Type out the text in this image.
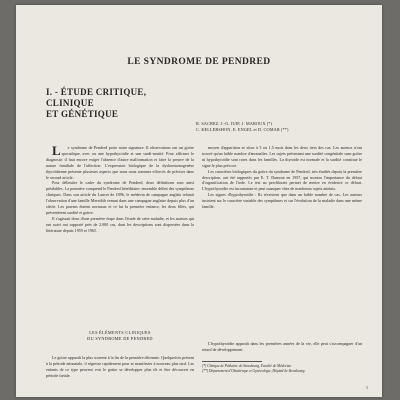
LE SYNDROME DE PENDRED
I. - ÉTUDE CRITIQUE, CLINIQUE
ET GÉNÉTIQUE
R. SACREZ, J.-G. JUIF, J. MAROUX (*)
C. KELLERSHON, E. ENGEL et D. COMAR (**)

L e syndrome de Pendred porte notre signature. Il observations ont un goitre sporadique, avec ou une hypothyroïdie et une surdi-mutité. Pour affirmer le diagnostic il faut encore exiger l'absence d'autre malformation et faire la preuve de la nature familiale de l'affection. L'expression biologique de la dyshormonogenèse thyroïdienne présente plusieurs aspects que nous nous sommes efforcés de préciser dans le second article.

Pour délimiter le cadre du syndrome de Pendred, deux définitions sont ainsi préalables. La première comprend le Pendred héréditaire; ensemble défini des symptômes cliniques. Dans son article du Lancet de 1896, le médecin de campagne anglais relatait l'observation d'une famille Meredith venant dans une campagne anglaise depuis plus d'un siècle. Les parents étaient normaux et ce fut la première enfance, les deux filles, qui présentèrent surdité et goitre.

Il s'agissait donc d'une première étape dans l'étude de cette maladie, et les auteurs qui ont suivi ont rapporté près de 2.000 cas, dont les descriptions sont dispersées dans la littérature depuis 1959 et 1965.

LES ÉLÉMENTS CLINIQUES
DU SYNDROME DE PENDRED

Le goitre apparaît la plus souvent à la fin de la première décennie. Quelquefois présent à la période néonatale, il régresse rapidement pour se manifester à nouveau plus tard. Les enfants de ce type peuvent voir le goitre se développer plus tôt et être découvert en période fœtale.

moyen d'apparition se situe à 5 ou 1,5 mois dans les deux tiers des cas. Les auteurs n'ont trouvé qu'un faible nombre d'anomalies. Les sujets présentant une surdité congénitale sans goitre ni hypothyroïdie sont rares dans les familles. La thyroïde est normale et la surdité constitue le signe le plus précoce.

Les caractères biologiques du goitre du syndrome de Pendred, très étudiés depuis la première description, ont été rapportés par E. T. Dumont en 1957, qui montra l'importance du défaut d'organification de l'iode. Le test au perchlorate permet de mettre en évidence ce défaut. L'hypothyroïdie est inconstante et peut manquer chez de nombreux sujets atteints.

Les signes d'hypothyroïdie : Ils n'existent que dans un faible nombre de cas. Les auteurs insistent sur le caractère variable des symptômes et sur l'évolution de la maladie dans une même famille.

L'hypothyroïdie apparaît dans les premières années de la vie, elle peut s'accompagner d'un retard de développement.

(*) Clinique de Pédiatrie de Strasbourg, Faculté de Médecine.
(**) Département d'Obstétrique et Gynécologie, Hôpital de Strasbourg.
1
